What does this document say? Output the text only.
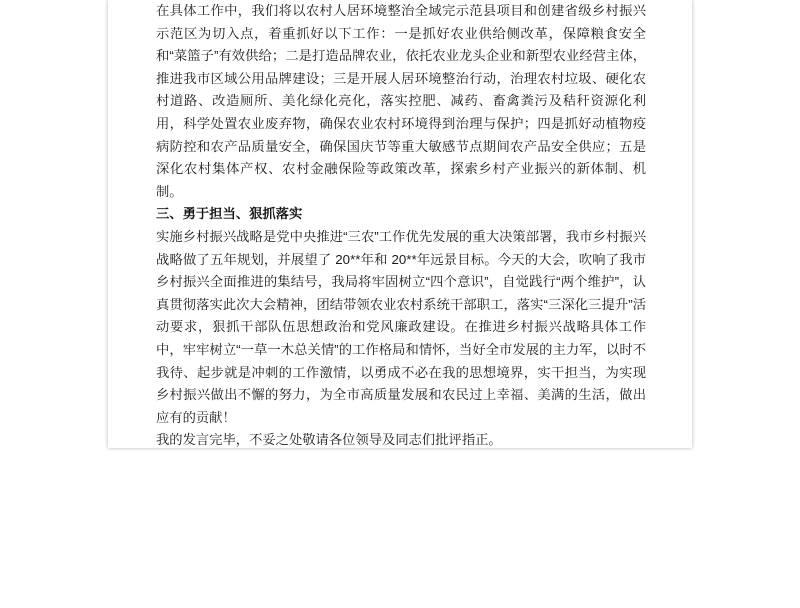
在具体工作中，我们将以农村人居环境整治全域完示范县项目和创建省级乡村振兴示范区为切入点，着重抓好以下工作：一是抓好农业供给侧改革，保障粮食安全和“菜篮子”有效供给；二是打造品牌农业，依托农业龙头企业和新型农业经营主体，推进我市区域公用品牌建设；三是开展人居环境整治行动，治理农村垃圾、硬化农村道路、改造厕所、美化绿化亮化，落实控肥、减药、畜禽粪污及秸秆资源化利用，科学处置农业废弃物，确保农业农村环境得到治理与保护；四是抓好动植物疫病防控和农产品质量安全，确保国庆节等重大敏感节点期间农产品安全供应；五是深化农村集体产权、农村金融保险等政策改革，探索乡村产业振兴的新体制、机制。

三、勇于担当、狠抓落实

实施乡村振兴战略是党中央推进“三农”工作优先发展的重大决策部署，我市乡村振兴战略做了五年规划，并展望了 20**年和 20**年远景目标。今天的大会，吹响了我市乡村振兴全面推进的集结号，我局将牢固树立“四个意识”，自觉践行“两个维护”，认真贯彻落实此次大会精神，团结带领农业农村系统干部职工，落实“三深化三提升”活动要求，狠抓干部队伍思想政治和党风廉政建设。在推进乡村振兴战略具体工作中，牢牢树立“一草一木总关情”的工作格局和情怀，当好全市发展的主力军，以时不我待、起步就是冲刺的工作激情，以勇成不必在我的思想境界，实干担当，为实现乡村振兴做出不懈的努力，为全市高质量发展和农民过上幸福、美满的生活，做出应有的贡献！

我的发言完毕，不妥之处敬请各位领导及同志们批评指正。
